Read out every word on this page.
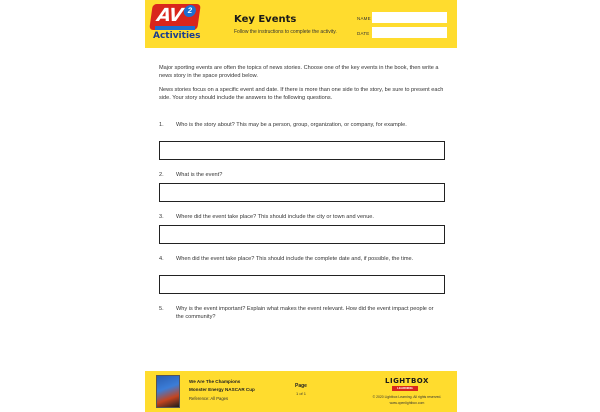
AV 2
Activities
Key Events
Follow the instructions to complete the activity.
NAME
DATE
Major sporting events are often the topics of news stories. Choose one of the key events in the book, then write a news story in the space provided below.
News stories focus on a specific event and date. If there is more than one side to the story, be sure to present each side. Your story should include the answers to the following questions.
1.	Who is the story about? This may be a person, group, organization, or company, for example.
2.	What is the event?
3.	Where did the event take place? This should include the city or town and venue.
4.	When did the event take place? This should include the complete date and, if possible, the time.
5.	Why is the event important? Explain what makes the event relevant. How did the event impact people or the community?
We Are The Champions
Monster Energy NASCAR Cup
Reference: All Pages
Page
1 of 1
LIGHTBOX
LEARNING
© 2020 Lightbox Learning. All rights reserved.
www.openlightbox.com
